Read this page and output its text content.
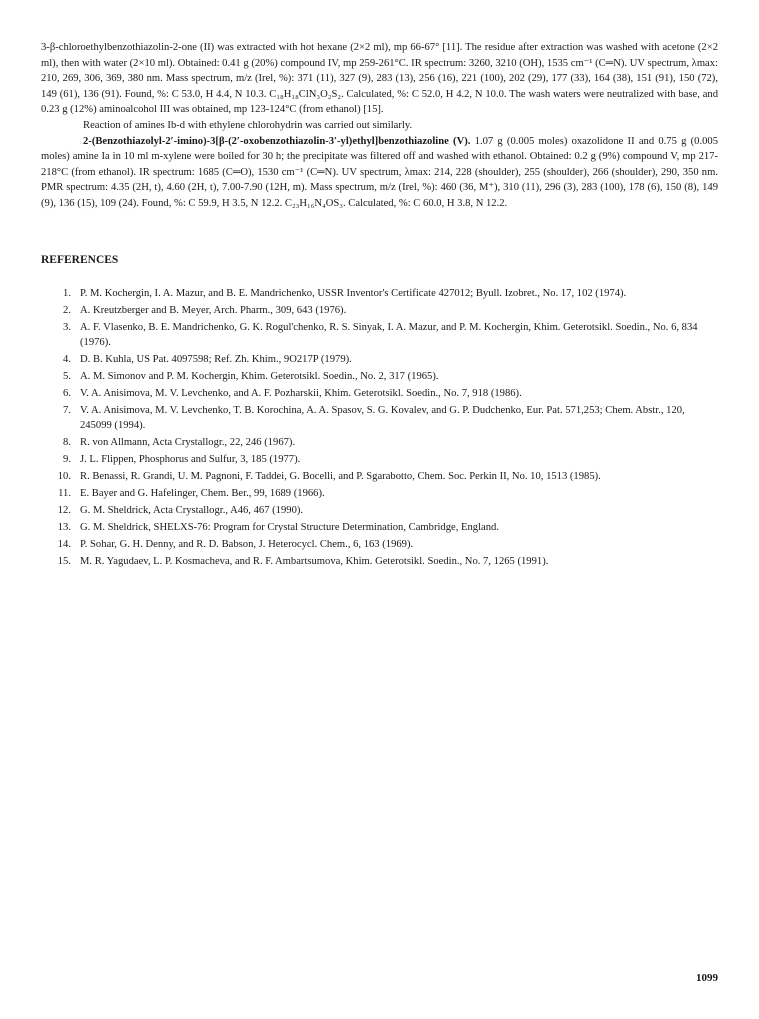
3-β-chloroethylbenzothiazolin-2-one (II) was extracted with hot hexane (2×2 ml), mp 66-67° [11]. The residue after extraction was washed with acetone (2×2 ml), then with water (2×10 ml). Obtained: 0.41 g (20%) compound IV, mp 259-261°C. IR spectrum: 3260, 3210 (OH), 1535 cm⁻¹ (C═N). UV spectrum, λmax: 210, 269, 306, 369, 380 nm. Mass spectrum, m/z (Irel, %): 371 (11), 327 (9), 283 (13), 256 (16), 221 (100), 202 (29), 177 (33), 164 (38), 151 (91), 150 (72), 149 (61), 136 (91). Found, %: C 53.0, H 4.4, N 10.3. C₁₈H₁₈ClN₃O₂S₂. Calculated, %: C 52.0, H 4.2, N 10.0. The wash waters were neutralized with base, and 0.23 g (12%) aminoalcohol III was obtained, mp 123-124°C (from ethanol) [15].

Reaction of amines Ib-d with ethylene chlorohydrin was carried out similarly.

2-(Benzothiazolyl-2′-imino)-3[β-(2′-oxobenzothiazolin-3′-yl)ethyl]benzothiazoline (V). 1.07 g (0.005 moles) oxazolidone II and 0.75 g (0.005 moles) amine Ia in 10 ml m-xylene were boiled for 30 h; the precipitate was filtered off and washed with ethanol. Obtained: 0.2 g (9%) compound V, mp 217-218°C (from ethanol). IR spectrum: 1685 (C═O), 1530 cm⁻¹ (C═N). UV spectrum, λmax: 214, 228 (shoulder), 255 (shoulder), 266 (shoulder), 290, 350 nm. PMR spectrum: 4.35 (2H, t), 4.60 (2H, t), 7.00-7.90 (12H, m). Mass spectrum, m/z (Irel, %): 460 (36, M⁺), 310 (11), 296 (3), 283 (100), 178 (6), 150 (8), 149 (9), 136 (15), 109 (24). Found, %: C 59.9, H 3.5, N 12.2. C₂₃H₁₆N₄OS₃. Calculated, %: C 60.0, H 3.8, N 12.2.

REFERENCES
1. P. M. Kochergin, I. A. Mazur, and B. E. Mandrichenko, USSR Inventor's Certificate 427012; Byull. Izobret., No. 17, 102 (1974).
2. A. Kreutzberger and B. Meyer, Arch. Pharm., 309, 643 (1976).
3. A. F. Vlasenko, B. E. Mandrichenko, G. K. Rogul'chenko, R. S. Sinyak, I. A. Mazur, and P. M. Kochergin, Khim. Geterotsikl. Soedin., No. 6, 834 (1976).
4. D. B. Kuhla, US Pat. 4097598; Ref. Zh. Khim., 9O217P (1979).
5. A. M. Simonov and P. M. Kochergin, Khim. Geterotsikl. Soedin., No. 2, 317 (1965).
6. V. A. Anisimova, M. V. Levchenko, and A. F. Pozharskii, Khim. Geterotsikl. Soedin., No. 7, 918 (1986).
7. V. A. Anisimova, M. V. Levchenko, T. B. Korochina, A. A. Spasov, S. G. Kovalev, and G. P. Dudchenko, Eur. Pat. 571,253; Chem. Abstr., 120, 245099 (1994).
8. R. von Allmann, Acta Crystallogr., 22, 246 (1967).
9. J. L. Flippen, Phosphorus and Sulfur, 3, 185 (1977).
10. R. Benassi, R. Grandi, U. M. Pagnoni, F. Taddei, G. Bocelli, and P. Sgarabotto, Chem. Soc. Perkin II, No. 10, 1513 (1985).
11. E. Bayer and G. Hafelinger, Chem. Ber., 99, 1689 (1966).
12. G. M. Sheldrick, Acta Crystallogr., A46, 467 (1990).
13. G. M. Sheldrick, SHELXS-76: Program for Crystal Structure Determination, Cambridge, England.
14. P. Sohar, G. H. Denny, and R. D. Babson, J. Heterocycl. Chem., 6, 163 (1969).
15. M. R. Yagudaev, L. P. Kosmacheva, and R. F. Ambartsumova, Khim. Geterotsikl. Soedin., No. 7, 1265 (1991).
1099
